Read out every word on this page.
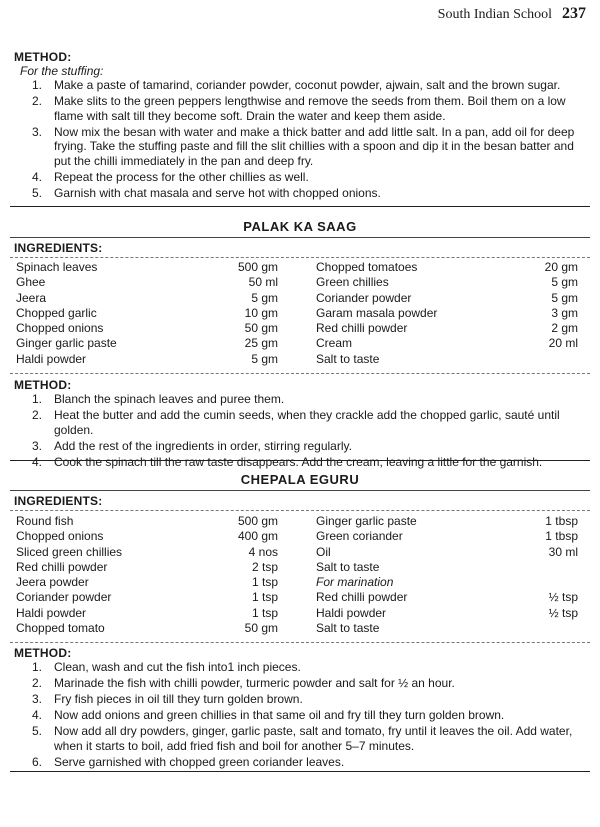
South Indian School 237
METHOD:
For the stuffing:
1. Make a paste of tamarind, coriander powder, coconut powder, ajwain, salt and the brown sugar.
2. Make slits to the green peppers lengthwise and remove the seeds from them. Boil them on a low flame with salt till they become soft. Drain the water and keep them aside.
3. Now mix the besan with water and make a thick batter and add little salt. In a pan, add oil for deep frying. Take the stuffing paste and fill the slit chillies with a spoon and dip it in the besan batter and put the chilli immediately in the pan and deep fry.
4. Repeat the process for the other chillies as well.
5. Garnish with chat masala and serve hot with chopped onions.
PALAK KA SAAG
INGREDIENTS:
Spinach leaves	500 gm
Ghee	50 ml
Jeera	5 gm
Chopped garlic	10 gm
Chopped onions	50 gm
Ginger garlic paste	25 gm
Haldi powder	5 gm
Chopped tomatoes	20 gm
Green chillies	5 gm
Coriander powder	5 gm
Garam masala powder	3 gm
Red chilli powder	2 gm
Cream	20 ml
Salt to taste
METHOD:
1. Blanch the spinach leaves and puree them.
2. Heat the butter and add the cumin seeds, when they crackle add the chopped garlic, sauté until golden.
3. Add the rest of the ingredients in order, stirring regularly.
4. Cook the spinach till the raw taste disappears. Add the cream, leaving a little for the garnish.
CHEPALA EGURU
INGREDIENTS:
Round fish	500 gm
Chopped onions	400 gm
Sliced green chillies	4 nos
Red chilli powder	2 tsp
Jeera powder	1 tsp
Coriander powder	1 tsp
Haldi powder	1 tsp
Chopped tomato	50 gm
Ginger garlic paste	1 tbsp
Green coriander	1 tbsp
Oil	30 ml
Salt to taste
For marination
Red chilli powder	½ tsp
Haldi powder	½ tsp
Salt to taste
METHOD:
1. Clean, wash and cut the fish into1 inch pieces.
2. Marinade the fish with chilli powder, turmeric powder and salt for ½ an hour.
3. Fry fish pieces in oil till they turn golden brown.
4. Now add onions and green chillies in that same oil and fry till they turn golden brown.
5. Now add all dry powders, ginger, garlic paste, salt and tomato, fry until it leaves the oil. Add water, when it starts to boil, add fried fish and boil for another 5–7 minutes.
6. Serve garnished with chopped green coriander leaves.
